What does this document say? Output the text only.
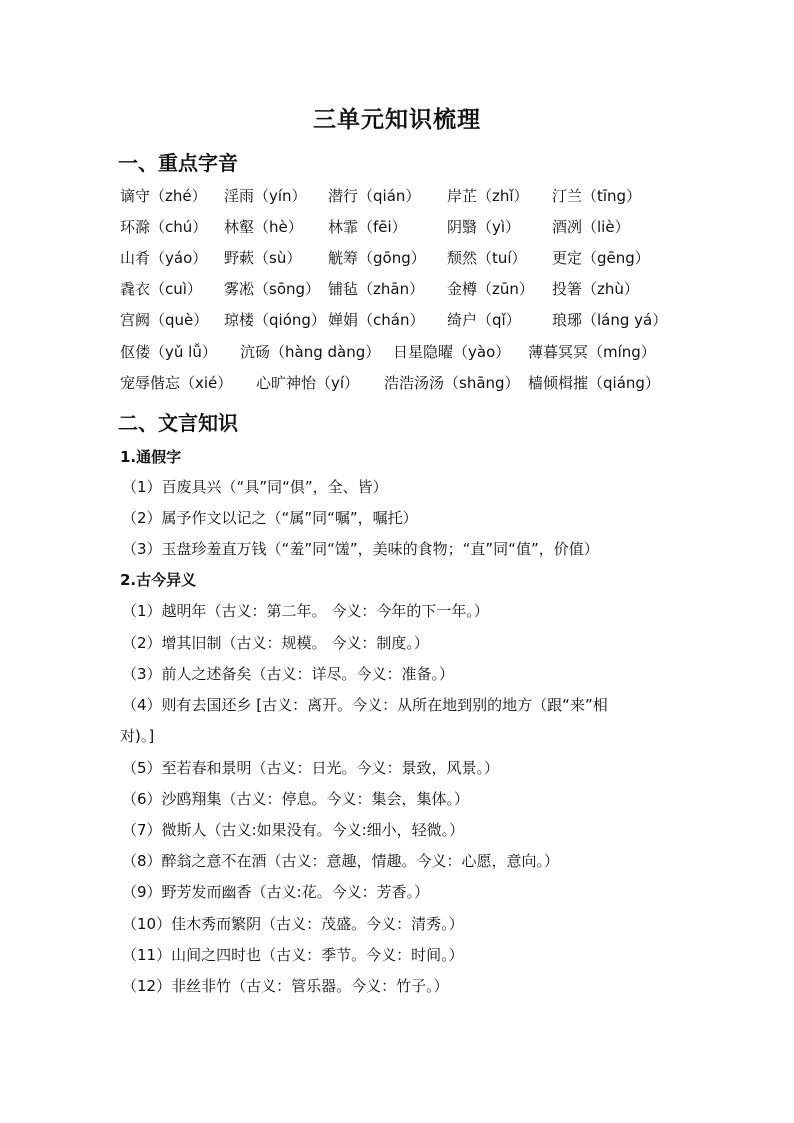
三单元知识梳理
一、重点字音
谪守（zhé） 淫雨（yín） 潜行（qián） 岸芷（zhǐ） 汀兰（tīng）
环滁（chú） 林壑（hè） 林霏（fēi）	阴翳（yì） 酒冽（liè）
山肴（yáo） 野蔌（sù） 觥筹（gōng） 颓然（tuí） 更定（gēng）
毳衣（cuì） 雾凇（sōng） 铺毡（zhān） 金樽（zūn） 投箸（zhù）
宫阙（què） 琼楼（qióng） 婵娟（chán） 绮户（qǐ） 琅琊（láng yá）
伛偻（yǔ lǚ） 沆砀（hàng dàng） 日星隐曜（yào） 薄暮冥冥（míng）
宠辱偕忘（xié） 心旷神怡（yí） 浩浩汤汤（shāng） 樯倾楫摧（qiáng）
二、文言知识
1.通假字
（1）百废具兴（“具”同“俱”，全、皆）
（2）属予作文以记之（“属”同“嘱”，嘱托）
（3）玉盘珍羞直万钱（“羞”同“馐”，美味的食物；“直”同“值”，价值）
2.古今异义
（1）越明年（古义：第二年。 今义：今年的下一年。）
（2）增其旧制（古义：规模。 今义：制度。）
（3）前人之述备矣（古义：详尽。今义：准备。）
（4）则有去国还乡 [古义：离开。今义：从所在地到别的地方（跟“来”相
对)。]
（5）至若春和景明（古义：日光。今义：景致，风景。）
（6）沙鸥翔集（古义：停息。今义：集会，集体。）
（7）微斯人（古义:如果没有。今义:细小，轻微。）
（8）醉翁之意不在酒（古义：意趣，情趣。今义：心愿，意向。）
（9）野芳发而幽香（古义:花。今义：芳香。）
（10）佳木秀而繁阴（古义：茂盛。今义：清秀。）
（11）山间之四时也（古义：季节。今义：时间。）
（12）非丝非竹（古义：管乐器。今义：竹子。）
